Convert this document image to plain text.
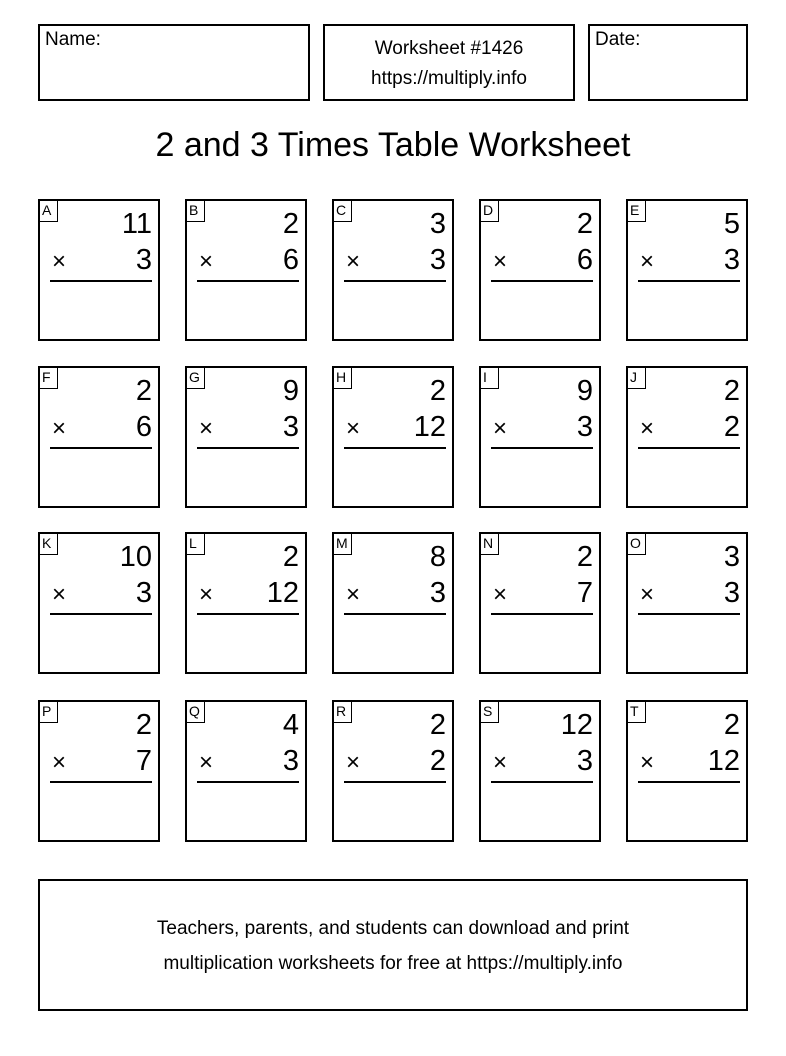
Name:	Worksheet #1426
https://multiply.info
Date:
2 and 3 Times Table Worksheet
A 11
× 3
B	2
× 6
C	3
× 3
D	2
× 6
E	5
× 3
F	2
× 6
G	9
× 3
H	2
× 12
I	9
× 3
J	2
× 2
K 10
× 3
L	2
× 12
M	8
× 3
N	2
× 7
O	3
× 3
P	2
× 7
Q	4
× 3
R	2
× 2
S 12
× 3
T	2
× 12
Teachers, parents, and students can download and print
multiplication worksheets for free at https://multiply.info
